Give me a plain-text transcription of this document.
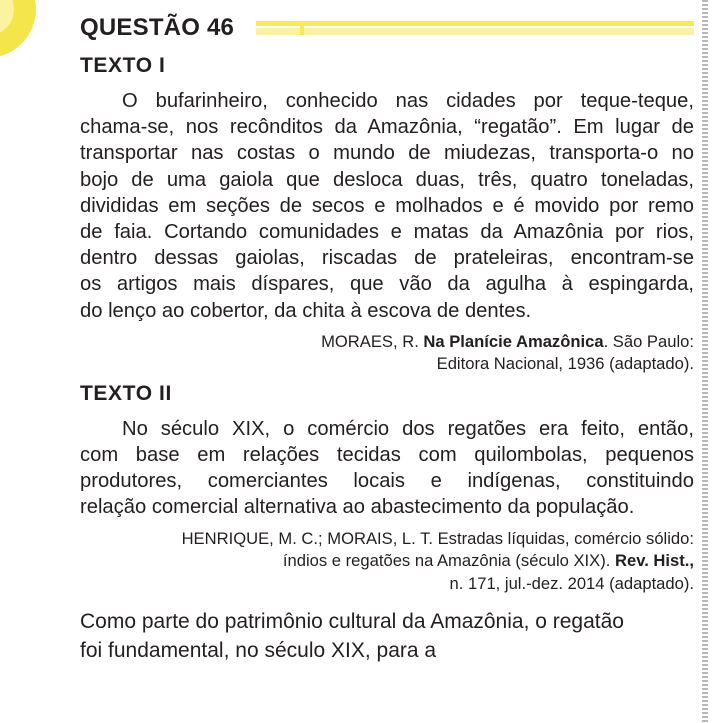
QUESTÃO 46
TEXTO I
O bufarinheiro, conhecido nas cidades por teque-teque,
chama-se, nos recônditos da Amazônia, “regatão”. Em lugar de
transportar nas costas o mundo de miudezas, transporta-o no
bojo de uma gaiola que desloca duas, três, quatro toneladas,
divididas em seções de secos e molhados e é movido por remo
de faia. Cortando comunidades e matas da Amazônia por rios,
dentro dessas gaiolas, riscadas de prateleiras, encontram-se
os artigos mais díspares, que vão da agulha à espingarda,
do lenço ao cobertor, da chita à escova de dentes.
MORAES, R. Na Planície Amazônica. São Paulo:
Editora Nacional, 1936 (adaptado).
TEXTO II
No século XIX, o comércio dos regatões era feito, então,
com base em relações tecidas com quilombolas, pequenos
produtores, comerciantes locais e indígenas, constituindo
relação comercial alternativa ao abastecimento da população.
HENRIQUE, M. C.; MORAIS, L. T. Estradas líquidas, comércio sólido:
índios e regatões na Amazônia (século XIX). Rev. Hist.,
n. 171, jul.-dez. 2014 (adaptado).
Como parte do patrimônio cultural da Amazônia, o regatão
foi fundamental, no século XIX, para a
